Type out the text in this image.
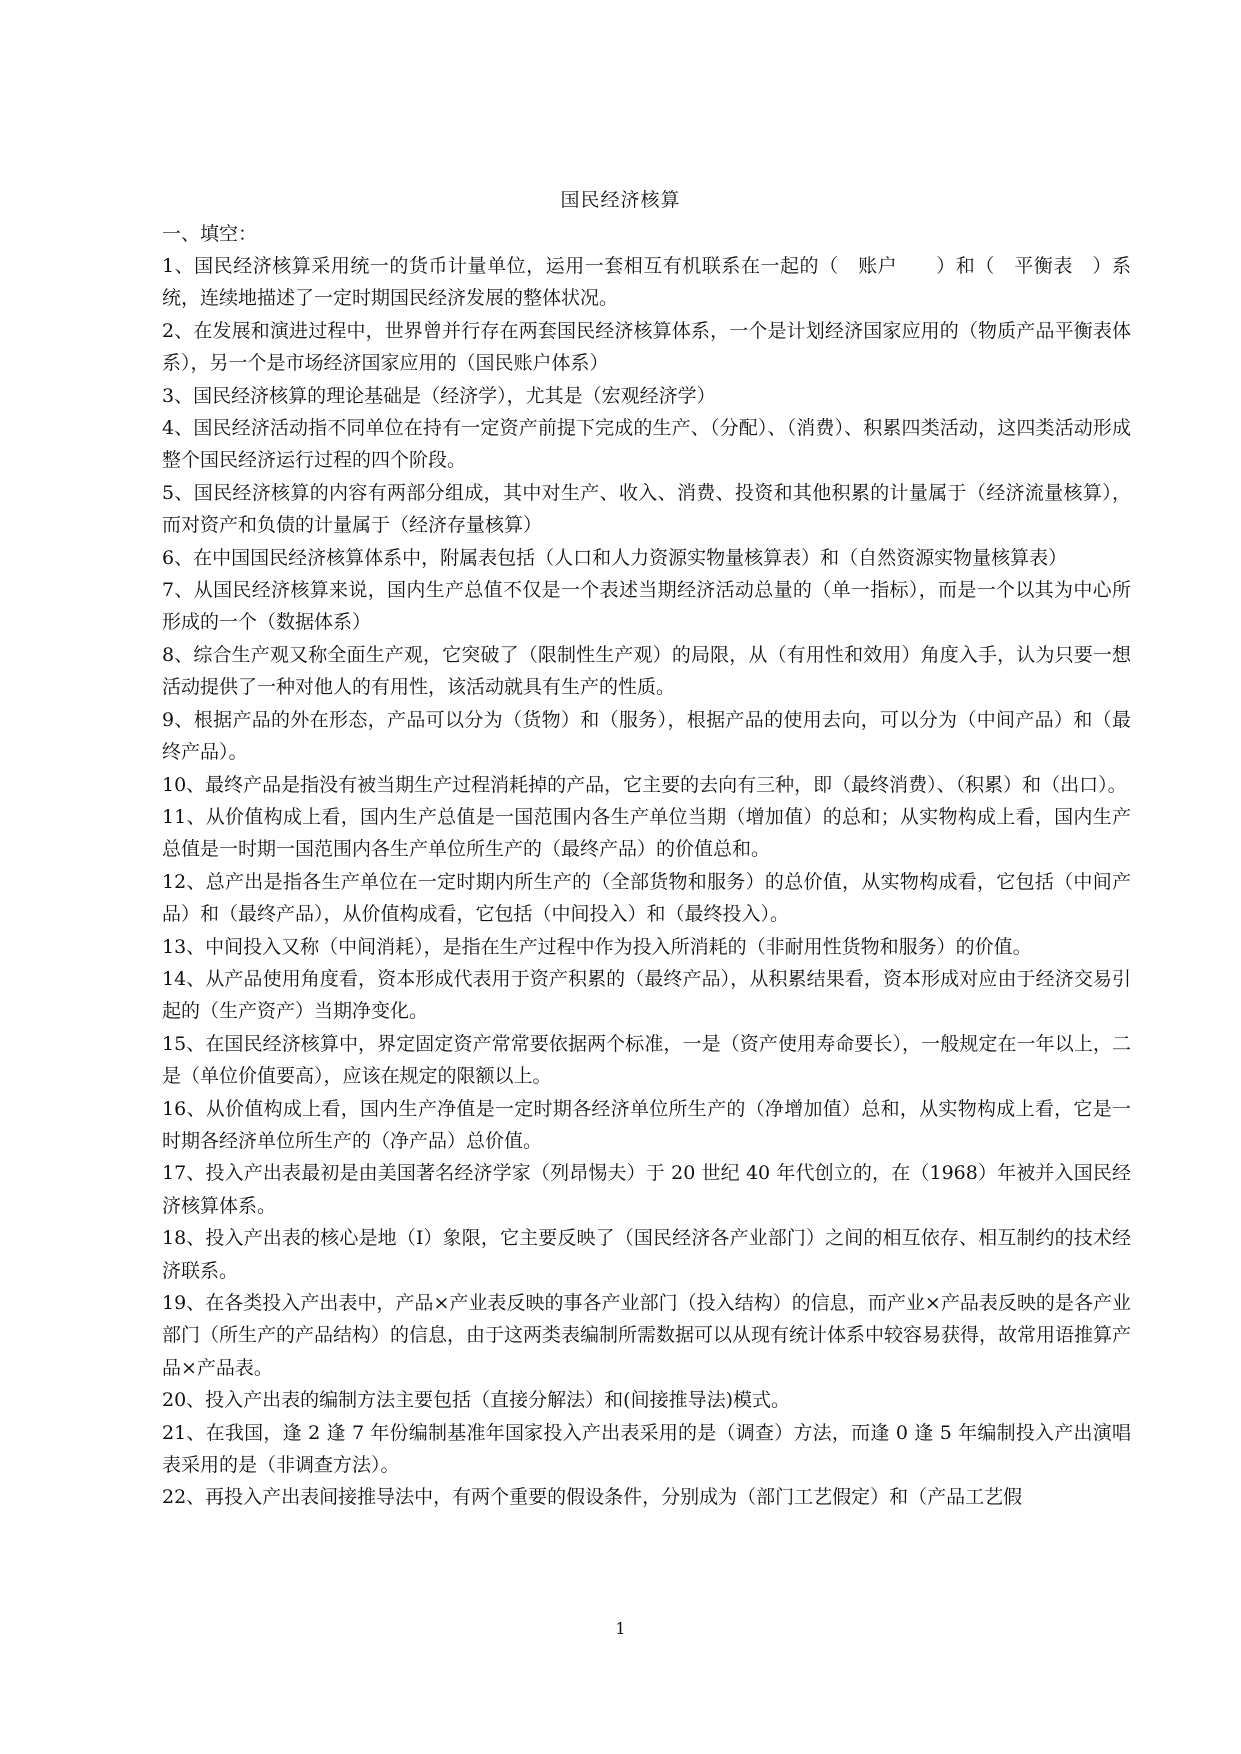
国民经济核算

一、填空：

1、国民经济核算采用统一的货币计量单位，运用一套相互有机联系在一起的（　账户　　）和（　平衡表　）系统，连续地描述了一定时期国民经济发展的整体状况。

2、在发展和演进过程中，世界曾并行存在两套国民经济核算体系，一个是计划经济国家应用的（物质产品平衡表体系），另一个是市场经济国家应用的（国民账户体系）

3、国民经济核算的理论基础是（经济学），尤其是（宏观经济学）

4、国民经济活动指不同单位在持有一定资产前提下完成的生产、（分配）、（消费）、积累四类活动，这四类活动形成整个国民经济运行过程的四个阶段。

5、国民经济核算的内容有两部分组成，其中对生产、收入、消费、投资和其他积累的计量属于（经济流量核算），而对资产和负债的计量属于（经济存量核算）

6、在中国国民经济核算体系中，附属表包括（人口和人力资源实物量核算表）和（自然资源实物量核算表）

7、从国民经济核算来说，国内生产总值不仅是一个表述当期经济活动总量的（单一指标），而是一个以其为中心所形成的一个（数据体系）

8、综合生产观又称全面生产观，它突破了（限制性生产观）的局限，从（有用性和效用）角度入手，认为只要一想活动提供了一种对他人的有用性，该活动就具有生产的性质。

9、根据产品的外在形态，产品可以分为（货物）和（服务），根据产品的使用去向，可以分为（中间产品）和（最终产品）。

10、最终产品是指没有被当期生产过程消耗掉的产品，它主要的去向有三种，即（最终消费）、（积累）和（出口）。

11、从价值构成上看，国内生产总值是一国范围内各生产单位当期（增加值）的总和；从实物构成上看，国内生产总值是一时期一国范围内各生产单位所生产的（最终产品）的价值总和。

12、总产出是指各生产单位在一定时期内所生产的（全部货物和服务）的总价值，从实物构成看，它包括（中间产品）和（最终产品），从价值构成看，它包括（中间投入）和（最终投入）。

13、中间投入又称（中间消耗），是指在生产过程中作为投入所消耗的（非耐用性货物和服务）的价值。

14、从产品使用角度看，资本形成代表用于资产积累的（最终产品），从积累结果看，资本形成对应由于经济交易引起的（生产资产）当期净变化。

15、在国民经济核算中，界定固定资产常常要依据两个标准，一是（资产使用寿命要长），一般规定在一年以上，二是（单位价值要高），应该在规定的限额以上。

16、从价值构成上看，国内生产净值是一定时期各经济单位所生产的（净增加值）总和，从实物构成上看，它是一时期各经济单位所生产的（净产品）总价值。

17、投入产出表最初是由美国著名经济学家（列昂惕夫）于 20 世纪 40 年代创立的，在（1968）年被并入国民经济核算体系。

18、投入产出表的核心是地（Ⅰ）象限，它主要反映了（国民经济各产业部门）之间的相互依存、相互制约的技术经济联系。

19、在各类投入产出表中，产品×产业表反映的事各产业部门（投入结构）的信息，而产业×产品表反映的是各产业部门（所生产的产品结构）的信息，由于这两类表编制所需数据可以从现有统计体系中较容易获得，故常用语推算产品×产品表。

20、投入产出表的编制方法主要包括（直接分解法）和(间接推导法)模式。

21、在我国，逢 2 逢 7 年份编制基准年国家投入产出表采用的是（调查）方法，而逢 0 逢 5 年编制投入产出演唱表采用的是（非调查方法）。

22、再投入产出表间接推导法中，有两个重要的假设条件，分别成为（部门工艺假定）和（产品工艺假

1
